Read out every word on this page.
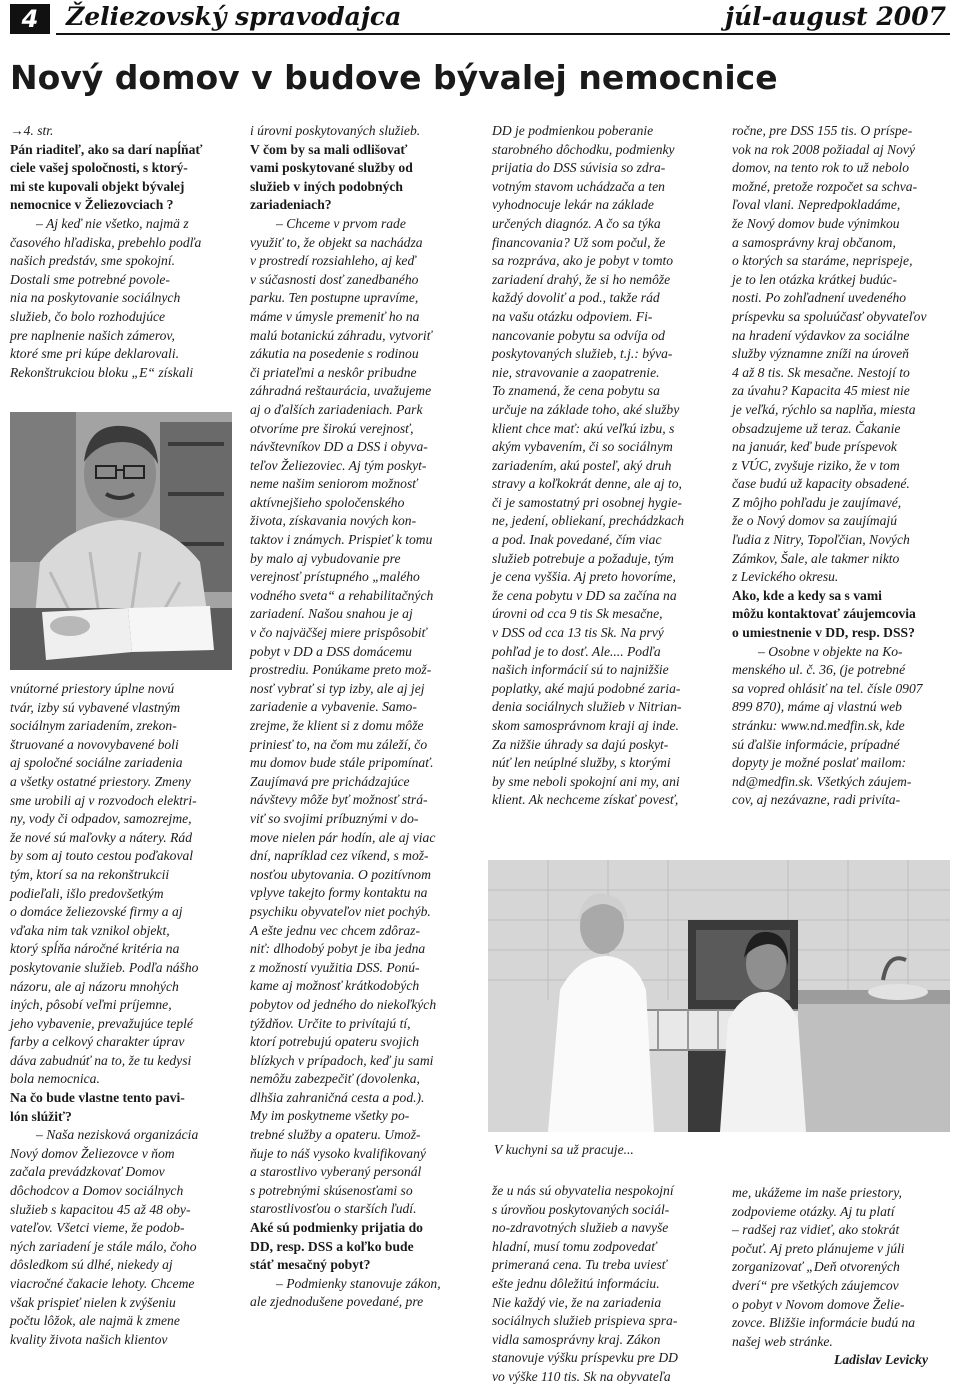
4	Želiezovský spravodajca	júl-august 2007
Nový domov v budove bývalej nemocnice

→4. str.

Pán riaditeľ, ako sa darí napĺňať

ciele vašej spoločnosti, s ktorý-

mi ste kupovali objekt bývalej

nemocnice v Želiezovciach ?

– Aj keď nie všetko, najmä z

časového hľadiska, prebehlo podľa

našich predstáv, sme spokojní.

Dostali sme potrebné povole-

nia na poskytovanie sociálnych

služieb, čo bolo rozhodujúce

pre naplnenie našich zámerov,

ktoré sme pri kúpe deklarovali.

Rekonštrukciou bloku „E“ získali

vnútorné priestory úplne novú

tvár, izby sú vybavené vlastným

sociálnym zariadením, zrekon-

štruované a novovybavené boli

aj spoločné sociálne zariadenia

a všetky ostatné priestory. Zmeny

sme urobili aj v rozvodoch elektri-

ny, vody či odpadov, samozrejme,

že nové sú maľovky a nátery. Rád

by som aj touto cestou poďakoval

tým, ktorí sa na rekonštrukcii

podieľali, išlo predovšetkým

o domáce želiezovské firmy a aj

vďaka nim tak vznikol objekt,

ktorý spĺňa náročné kritéria na

poskytovanie služieb. Podľa nášho

názoru, ale aj názoru mnohých

iných, pôsobí veľmi príjemne,

jeho vybavenie, prevažujúce teplé

farby a celkový charakter úprav

dáva zabudnúť na to, že tu kedysi

bola nemocnica.

Na čo bude vlastne tento pavi-

lón slúžiť?

– Naša nezisková organizácia

Nový domov Želiezovce v ňom

začala prevádzkovať Domov

dôchodcov a Domov sociálnych

služieb s kapacitou 45 až 48 oby-

vateľov. Všetci vieme, že podob-

ných zariadení je stále málo, čoho

dôsledkom sú dlhé, niekedy aj

viacročné čakacie lehoty. Chceme

však prispieť nielen k zvýšeniu

počtu lôžok, ale najmä k zmene

kvality života našich klientov

i úrovni poskytovaných služieb.

V čom by sa mali odlišovať

vami poskytované služby od

služieb v iných podobných

zariadeniach?

– Chceme v prvom rade

využiť to, že objekt sa nachádza

v prostredí rozsiahleho, aj keď

v súčasnosti dosť zanedbaného

parku. Ten postupne upravíme,

máme v úmysle premeniť ho na

malú botanickú záhradu, vytvoriť

zákutia na posedenie s rodinou

či priateľmi a neskôr pribudne

záhradná reštaurácia, uvažujeme

aj o ďalších zariadeniach. Park

otvoríme pre širokú verejnosť,

návštevníkov DD a DSS i obyva-

teľov Želiezoviec. Aj tým poskyt-

neme našim seniorom možnosť

aktívnejšieho spoločenského

života, získavania nových kon-

taktov i známych. Prispieť k tomu

by malo aj vybudovanie pre

verejnosť prístupného „malého

vodného sveta“ a rehabilitačných

zariadení. Našou snahou je aj

v čo najväčšej miere prispôsobiť

pobyt v DD a DSS domácemu

prostrediu. Ponúkame preto mož-

nosť vybrať si typ izby, ale aj jej

zariadenie a vybavenie. Samo-

zrejme, že klient si z domu môže

priniesť to, na čom mu záleží, čo

mu domov bude stále pripomínať.

Zaujímavá pre prichádzajúce

návštevy môže byť možnosť strá-

viť so svojimi príbuznými v do-

move nielen pár hodín, ale aj viac

dní, napríklad cez víkend, s mož-

nosťou ubytovania. O pozitívnom

vplyve takejto formy kontaktu na

psychiku obyvateľov niet pochýb.

A ešte jednu vec chcem zdôraz-

niť: dlhodobý pobyt je iba jedna

z možností využitia DSS. Ponú-

kame aj možnosť krátkodobých

pobytov od jedného do niekoľkých

týždňov. Určite to privítajú tí,

ktorí potrebujú opateru svojich

blízkych v prípadoch, keď ju sami

nemôžu zabezpečiť (dovolenka,

dlhšia zahraničná cesta a pod.).

My im poskytneme všetky po-

trebné služby a opateru. Umož-

ňuje to náš vysoko kvalifikovaný

a starostlivo vyberaný personál

s potrebnými skúsenosťami so

starostlivosťou o starších ľudí.

Aké sú podmienky prijatia do

DD, resp. DSS a koľko bude

stáť mesačný pobyt?

– Podmienky stanovuje zákon,

ale zjednodušene povedané, pre

DD je podmienkou poberanie

starobného dôchodku, podmienky

prijatia do DSS súvisia so zdra-

votným stavom uchádzača a ten

vyhodnocuje lekár na základe

určených diagnóz. A čo sa týka

financovania? Už som počul, že

sa rozpráva, ako je pobyt v tomto

zariadení drahý, že si ho nemôže

každý dovoliť a pod., takže rád

na vašu otázku odpoviem. Fi-

nancovanie pobytu sa odvíja od

poskytovaných služieb, t.j.: býva-

nie, stravovanie a zaopatrenie.

To znamená, že cena pobytu sa

určuje na základe toho, aké služby

klient chce mať: akú veľkú izbu, s

akým vybavením, či so sociálnym

zariadením, akú posteľ, aký druh

stravy a koľkokrát denne, ale aj to,

či je samostatný pri osobnej hygie-

ne, jedení, obliekaní, prechádzkach

a pod. Inak povedané, čím viac

služieb potrebuje a požaduje, tým

je cena vyššia. Aj preto hovoríme,

že cena pobytu v DD sa začína na

úrovni od cca 9 tis Sk mesačne,

v DSS od cca 13 tis Sk. Na prvý

pohľad je to dosť. Ale.... Podľa

našich informácií sú to najnižšie

poplatky, aké majú podobné zaria-

denia sociálnych služieb v Nitrian-

skom samosprávnom kraji aj inde.

Za nižšie úhrady sa dajú poskyt-

núť len neúplné služby, s ktorými

by sme neboli spokojní ani my, ani

klient. Ak nechceme získať povesť,

ročne, pre DSS 155 tis. O príspe-

vok na rok 2008 požiadal aj Nový

domov, na tento rok to už nebolo

možné, pretože rozpočet sa schva-

ľoval vlani. Nepredpokladáme,

že Nový domov bude výnimkou

a samosprávny kraj občanom,

o ktorých sa staráme, neprispeje,

je to len otázka krátkej budúc-

nosti. Po zohľadnení uvedeného

príspevku sa spoluúčasť obyvateľov

na hradení výdavkov za sociálne

služby významne zníži na úroveň

4 až 8 tis. Sk mesačne. Nestojí to

za úvahu? Kapacita 45 miest nie

je veľká, rýchlo sa naplňa, miesta

obsadzujeme už teraz. Čakanie

na január, keď bude príspevok

z VÚC, zvyšuje riziko, že v tom

čase budú už kapacity obsadené.

Z môjho pohľadu je zaujímavé,

že o Nový domov sa zaujímajú

ľudia z Nitry, Topoľčian, Nových

Zámkov, Šale, ale takmer nikto

z Levického okresu.

Ako, kde a kedy sa s vami

môžu kontaktovať záujemcovia

o umiestnenie v DD, resp. DSS?

– Osobne v objekte na Ko-

menského ul. č. 36, (je potrebné

sa vopred ohlásiť na tel. čísle 0907

899 870), máme aj vlastnú web

stránku: www.nd.medfin.sk, kde

sú ďalšie informácie, prípadné

dopyty je možné poslať mailom:

nd@medfin.sk. Všetkých záujem-

cov, aj nezávazne, radi privíta-

V kuchyni sa už pracuje...

že u nás sú obyvatelia nespokojní

s úrovňou poskytovaných sociál-

no-zdravotných služieb a navyše

hladní, musí tomu zodpovedať

primeraná cena. Tu treba uviesť

ešte jednu dôležitú informáciu.

Nie každý vie, že na zariadenia

sociálnych služieb prispieva spra-

vidla samosprávny kraj. Zákon

stanovuje výšku príspevku pre DD

vo výške 110 tis. Sk na obyvateľa

me, ukážeme im naše priestory,

zodpovieme otázky. Aj tu platí

– radšej raz vidieť, ako stokrát

počuť. Aj preto plánujeme v júli

zorganizovať „Deň otvorených

dverí“ pre všetkých záujemcov

o pobyt v Novom domove Želie-

zovce. Bližšie informácie budú na

našej web stránke.

Ladislav Levicky
